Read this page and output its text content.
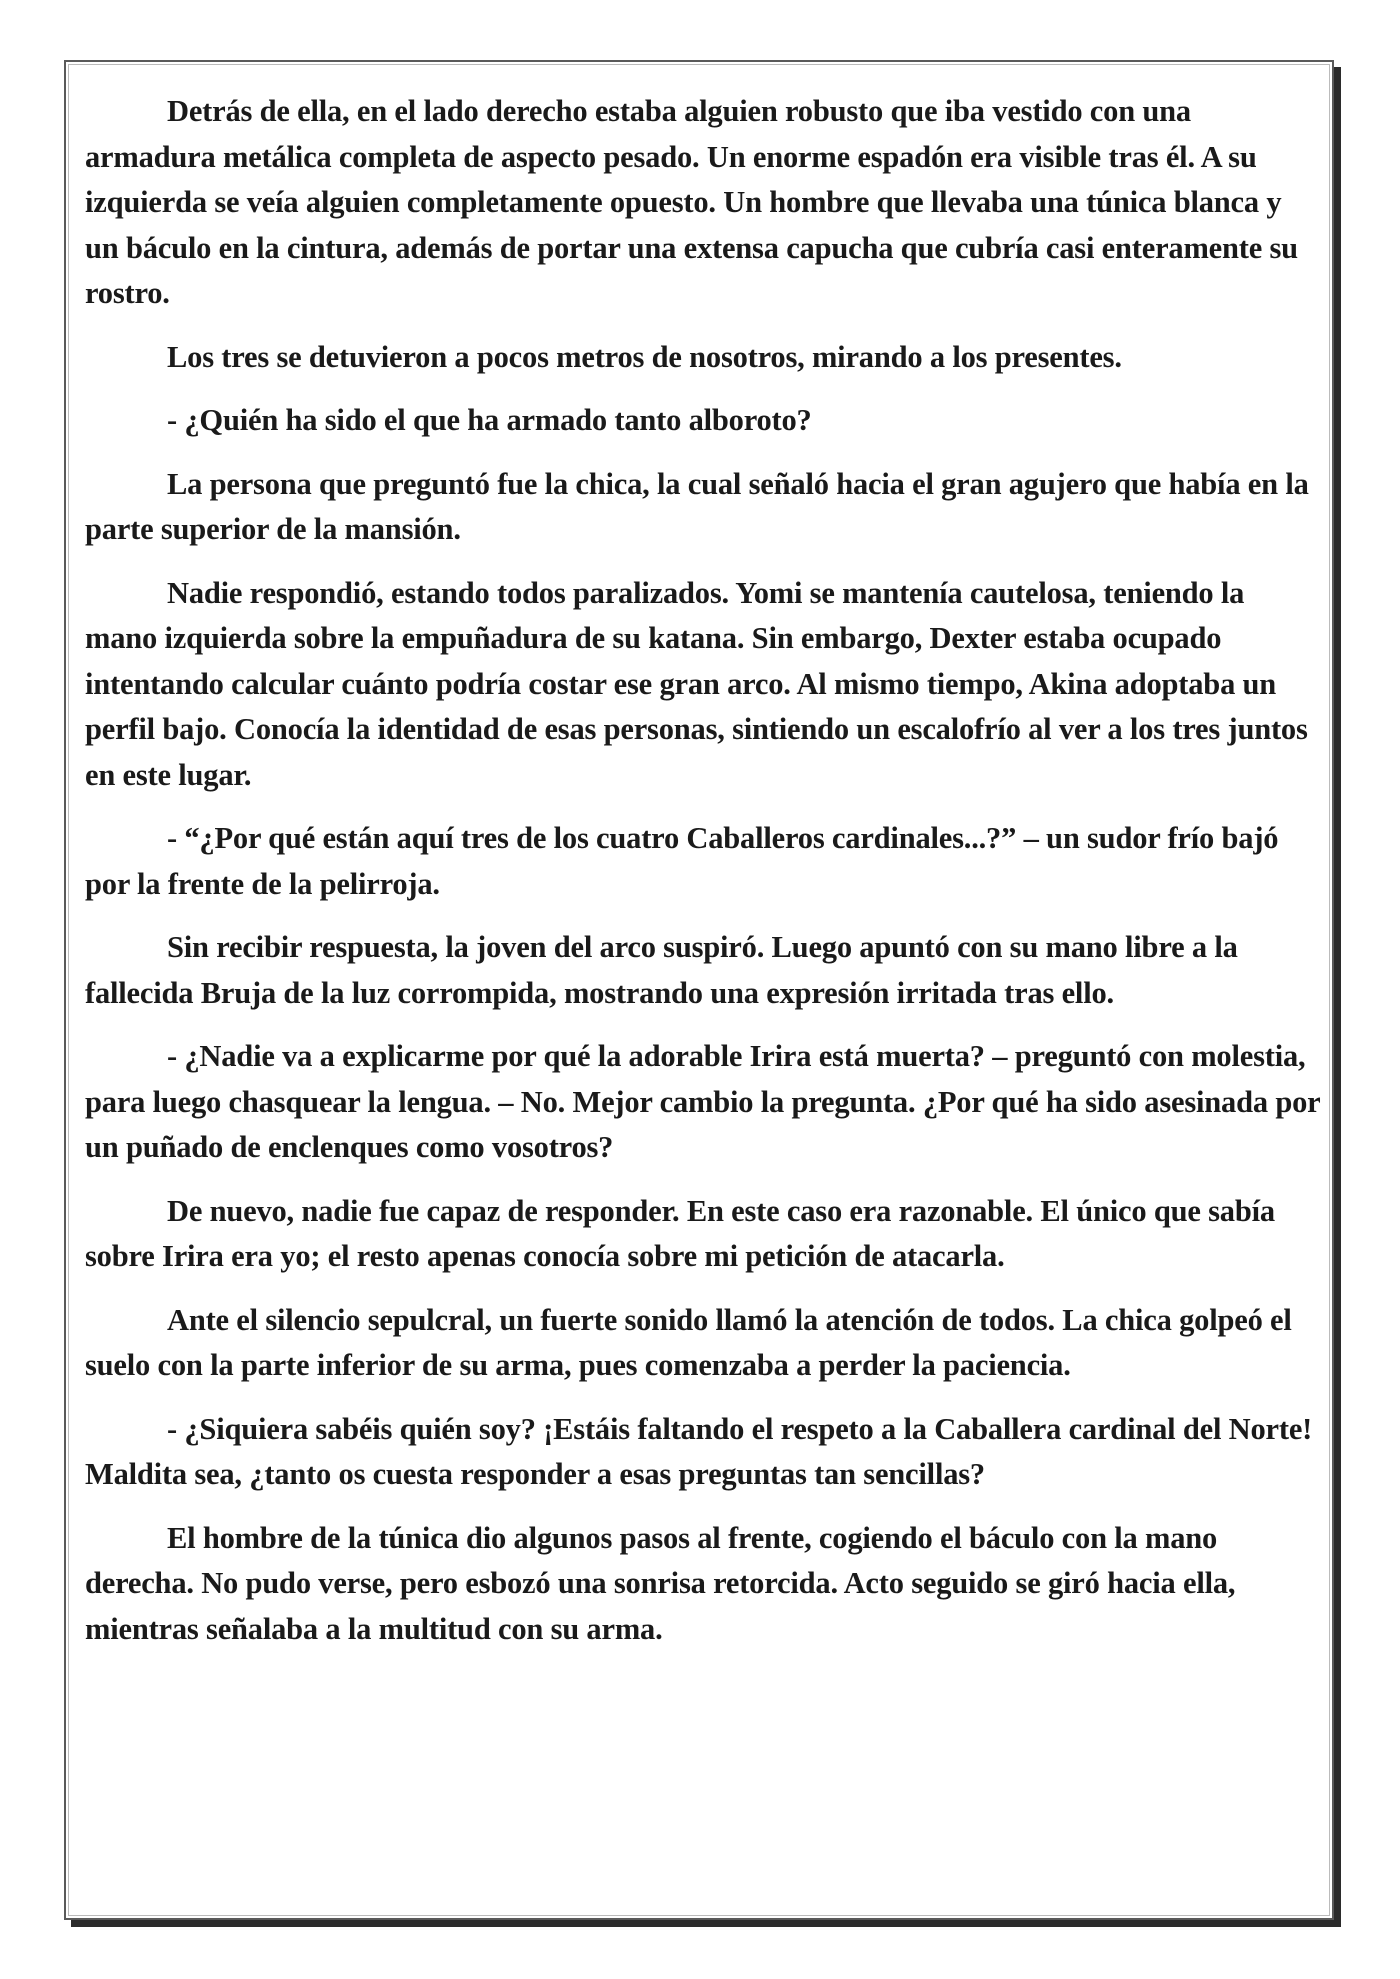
Detrás de ella, en el lado derecho estaba alguien robusto que iba vestido con una armadura metálica completa de aspecto pesado. Un enorme espadón era visible tras él. A su izquierda se veía alguien completamente opuesto. Un hombre que llevaba una túnica blanca y un báculo en la cintura, además de portar una extensa capucha que cubría casi enteramente su rostro.

Los tres se detuvieron a pocos metros de nosotros, mirando a los presentes.

- ¿Quién ha sido el que ha armado tanto alboroto?

La persona que preguntó fue la chica, la cual señaló hacia el gran agujero que había en la parte superior de la mansión.

Nadie respondió, estando todos paralizados. Yomi se mantenía cautelosa, teniendo la mano izquierda sobre la empuñadura de su katana. Sin embargo, Dexter estaba ocupado intentando calcular cuánto podría costar ese gran arco. Al mismo tiempo, Akina adoptaba un perfil bajo. Conocía la identidad de esas personas, sintiendo un escalofrío al ver a los tres juntos en este lugar.

- “¿Por qué están aquí tres de los cuatro Caballeros cardinales...?” – un sudor frío bajó por la frente de la pelirroja.

Sin recibir respuesta, la joven del arco suspiró. Luego apuntó con su mano libre a la fallecida Bruja de la luz corrompida, mostrando una expresión irritada tras ello.

- ¿Nadie va a explicarme por qué la adorable Irira está muerta? – preguntó con molestia, para luego chasquear la lengua. – No. Mejor cambio la pregunta. ¿Por qué ha sido asesinada por un puñado de enclenques como vosotros?

De nuevo, nadie fue capaz de responder. En este caso era razonable. El único que sabía sobre Irira era yo; el resto apenas conocía sobre mi petición de atacarla.

Ante el silencio sepulcral, un fuerte sonido llamó la atención de todos. La chica golpeó el suelo con la parte inferior de su arma, pues comenzaba a perder la paciencia.

- ¿Siquiera sabéis quién soy? ¡Estáis faltando el respeto a la Caballera cardinal del Norte! Maldita sea, ¿tanto os cuesta responder a esas preguntas tan sencillas?

El hombre de la túnica dio algunos pasos al frente, cogiendo el báculo con la mano derecha. No pudo verse, pero esbozó una sonrisa retorcida. Acto seguido se giró hacia ella, mientras señalaba a la multitud con su arma.
